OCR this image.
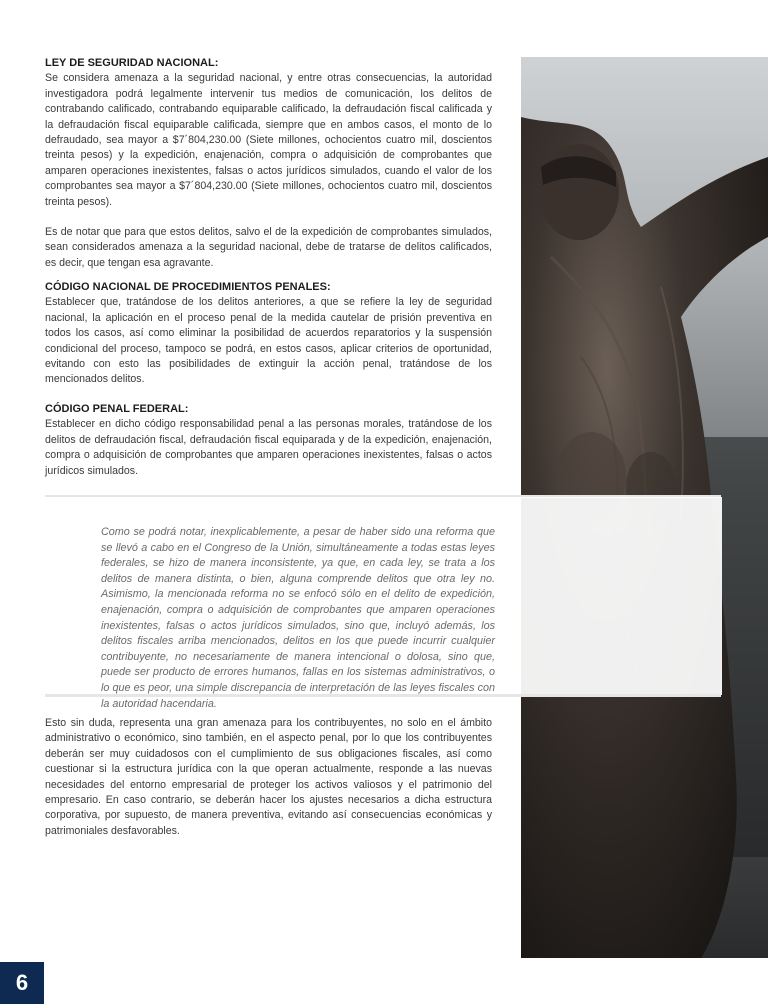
LEY DE SEGURIDAD NACIONAL:

Se considera amenaza a la seguridad nacional, y entre otras consecuencias, la autoridad investigadora podrá legalmente intervenir tus medios de comunicación, los delitos de contrabando calificado, contrabando equiparable calificado, la defraudación fiscal calificada y la defraudación fiscal equiparable calificada, siempre que en ambos casos, el monto de lo defraudado, sea mayor a $7´804,230.00 (Siete millones, ochocientos cuatro mil, doscientos treinta pesos) y la expedición, enajenación, compra o adquisición de comprobantes que amparen operaciones inexistentes, falsas o actos jurídicos simulados, cuando el valor de los comprobantes sea mayor a $7´804,230.00 (Siete millones, ochocientos cuatro mil, doscientos treinta pesos).

Es de notar que para que estos delitos, salvo el de la expedición de comprobantes simulados, sean considerados amenaza a la seguridad nacional, debe de tratarse de delitos calificados, es decir, que tengan esa agravante.

CÓDIGO NACIONAL DE PROCEDIMIENTOS PENALES:

Establecer que, tratándose de los delitos anteriores, a que se refiere la ley de seguridad nacional, la aplicación en el proceso penal de la medida cautelar de prisión preventiva en todos los casos, así como eliminar la posibilidad de acuerdos reparatorios y la suspensión condicional del proceso, tampoco se podrá, en estos casos, aplicar criterios de oportunidad, evitando con esto las posibilidades de extinguir la acción penal, tratándose de los mencionados delitos.

CÓDIGO PENAL FEDERAL:

Establecer en dicho código responsabilidad penal a las personas morales, tratándose de los delitos de defraudación fiscal, defraudación fiscal equiparada y de la expedición, enajenación, compra o adquisición de comprobantes que amparen operaciones inexistentes, falsas o actos jurídicos simulados.

Como se podrá notar, inexplicablemente, a pesar de haber sido una reforma que se llevó a cabo en el Congreso de la Unión, simultáneamente a todas estas leyes federales, se hizo de manera inconsistente, ya que, en cada ley, se trata a los delitos de manera distinta, o bien, alguna comprende delitos que otra ley no. Asimismo, la mencionada reforma no se enfocó sólo en el delito de expedición, enajenación, compra o adquisición de comprobantes que amparen operaciones inexistentes, falsas o actos jurídicos simulados, sino que, incluyó además, los delitos fiscales arriba mencionados, delitos en los que puede incurrir cualquier contribuyente, no necesariamente de manera intencional o dolosa, sino que, puede ser producto de errores humanos, fallas en los sistemas administrativos, o lo que es peor, una simple discrepancia de interpretación de las leyes fiscales con la autoridad hacendaria.

Esto sin duda, representa una gran amenaza para los contribuyentes, no solo en el ámbito administrativo o económico, sino también, en el aspecto penal, por lo que los contribuyentes deberán ser muy cuidadosos con el cumplimiento de sus obligaciones fiscales, así como cuestionar si la estructura jurídica con la que operan actualmente, responde a las nuevas necesidades del entorno empresarial de proteger los activos valiosos y el patrimonio del empresario. En caso contrario, se deberán hacer los ajustes necesarios a dicha estructura corporativa, por supuesto, de manera preventiva, evitando así consecuencias económicas y patrimoniales desfavorables.

6
